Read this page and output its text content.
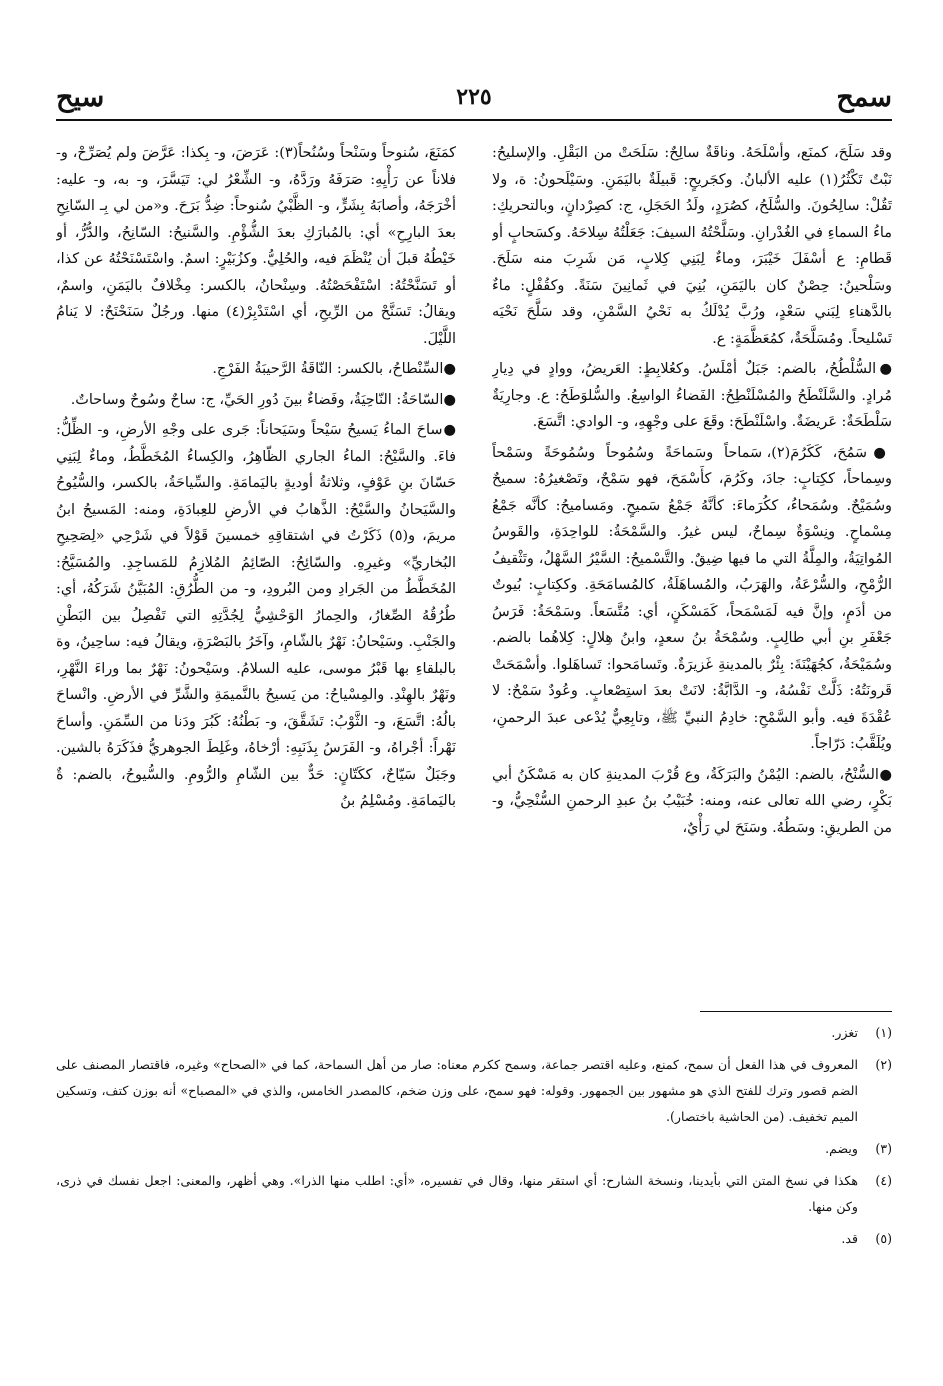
سمح
٢٢٥
سيح

وقد سَلَحَ، كمنَع، وأسْلَحَهُ. وناقَةٌ سالِحٌ: سَلَحَتْ من البَقْلِ. والإسليحُ: نَبْتٌ تَكْثُرُ(١) عليه الألبانُ. وكجَريحٍ: قَبيلَةٌ باليَمَنِ. وسَيْلَحونُ: ة، ولا تَقُلْ: سالِحُونَ. والسُّلَحُ، كصُرَدٍ، ولَدُ الحَجَلِ، ج: كصِرْدانٍ، وبالتحريكِ: ماءُ السماءِ في الغُدْرانِ. وسَلَّحْتُهُ السيفَ: جَعَلْتُهُ سِلاحَهُ. وكسَحابٍ أو قَطامِ: ع أسْفَلَ خَيْبَرَ، وماءٌ لِبَنِي كِلابٍ، مَن شَرِبَ منه سَلَحَ. وسَلْحينُ: حِصْنٌ كان باليَمَنِ، بُنِيَ في ثَمانِينَ سَنَةً. وكقُفْلٍ: ماءٌ بالدَّهناءِ لِبَني سَعْدٍ، ورُبَّ يُدْلَكُ به نَحْيُ السَّمْنِ، وقد سَلَّحَ نَحْيَه تَسْليحاً. ومُسَلَّحَةٌ، كمُعَظَّمَةٍ: ع.

●السُّلْطُحُ، بالضم: جَبَلٌ أمْلَسُ. وكعُلابِطٍ: العَريضُ، ووادٍ في دِيارِ مُرادٍ. والسَّلَنْطَحُ والمُسْلَنْطِحُ: الفَضاءُ الواسِعُ. والسُّلوَطَحُ: ع. وجارِيَةٌ سَلْطَحَةٌ: عَريضَةٌ. واسْلَنْطَحَ: وقَعَ على وجْهِهِ، و- الوادي: اتَّسَعَ.

●سَمُحَ، كَكَرُمَ(٢)، سَماحاً وسَماحَةً وسُمُوحاً وسُمُوحَةً وسَمْحاً وسِماحاً، ككِتابٍ: جادَ، وكَرُمَ، كأَسْمَحَ، فهو سَمْحٌ، وتَصْغيرُهُ: سميحٌ وسُمَيْحٌ. وسُمَحاءُ، ككُرَماءَ: كأنَّهُ جَمْعُ سَميحٍ. ومَساميحُ: كأنَّه جَمْعُ مِسْماحٍ. ونِسْوَةٌ سِماحٌ، ليس غيرُ. والسَّمْحَةُ: للواحِدَةِ، والقَوسُ المُواتِيَةُ، والمِلَّةُ التي ما فيها ضِيقٌ. والتَّسْميحُ: السَّيْرُ السَّهْلُ، وتَثْقيفُ الرُّمْحِ، والسُّرْعَةُ، والهَرَبُ، والمُساهَلَةُ، كالمُسامَحَةِ. وككِتابٍ: بُيوتٌ من أدَمٍ، وإنَّ فيه لَمَسْمَحاً، كَمَسْكَنٍ، أي: مُتَّسَعاً. وسَمْحَةُ: فَرَسُ جَعْفَرِ بنِ أبي طالِبٍ. وسُمْحَةُ بنُ سعدٍ، وابنُ هِلالٍ: كِلاهُما بالضم. وسُمَيْحَةُ، كجُهَيْنَةَ: بِئْرٌ بالمدينةِ غَزيرَةٌ. وتَسامَحوا: تَساهَلوا. وأسْمَحَتْ قَرونَتُهُ: ذَلَّتْ نَفْسُهُ، و- الدَّابَّةُ: لانَتْ بعدَ استِصْعابٍ. وعُودٌ سَمْحٌ: لا عُقْدَةَ فيه. وأبو السَّمْحِ: خادِمُ النبيِّ ﷺ، وتابِعِيٌّ يُدْعى عبدَ الرحمنِ، ويُلَقَّبُ: دَرّاجاً.

●السُّنْحُ، بالضم: اليُمْنُ والبَرَكَةُ، وع قُرْبَ المدينةِ كان به مَسْكَنُ أبي بَكْرٍ، رضي الله تعالى عنه، ومنه: خُبَيْبُ بنُ عبدِ الرحمنِ السُّنْحِيُّ، و- من الطريقِ: وسَطُهُ. وسَنَحَ لي رَأْيٌ،

كمَنَعَ، سُنوحاً وسَنْحاً وسُنُحاً(٣): عَرَضَ، و- بِكذا: عَرَّضَ ولم يُصَرِّحْ، و- فلاناً عن رَأْيِهِ: صَرَفَهُ ورَدَّهُ، و- الشِّعْرُ لي: تَيَسَّرَ، و- به، و- عليه: أخْرَجَهُ، وأصابَهُ بِشَرٍّ، و- الظَّبْيُ سُنوحاً: ضِدُّ بَرَحَ. و«من لي بِـ السّانِحِ بعدَ البارِحِ» أي: بالمُبارَكِ بعدَ الشُّؤْمِ. والسَّنيحُ: السّانِحُ، والدُّرُّ، أو خَيْطُهُ قبلَ أن يُنْظَمَ فيه، والحُلِيُّ. وكزُبَيْرٍ: اسمٌ. واسْتَسْنَحْتُهُ عن كذا، أو تَسَنَّحْتُهُ: اسْتَفْحَصْتُهُ. وسِنْحانُ، بالكسر: مِخْلافٌ باليَمَنِ، واسمٌ، ويقالُ: تَسَنَّحْ من الرِّيحِ، أي اسْتَدْبِرْ(٤) منها. ورجُلٌ سَنَحْنَحٌ: لا يَنامُ اللَّيْلَ.

●السِّنْطاحُ، بالكسر: النّاقَةُ الرَّحيبَةُ الفَرْجِ.

●السّاحَةُ: النّاحِيَةُ، وفَضاءٌ بينَ دُورِ الحَيِّ، ج: ساحٌ وسُوحٌ وساحاتٌ.

●ساحَ الماءُ يَسيحُ سَيْحاً وسَيَحاناً: جَرى على وجْهِ الأرضِ، و- الظِّلُّ: فاءَ. والسَّيْحُ: الماءُ الجاري الظّاهِرُ، والكِساءُ المُخَطَّطُ، وماءٌ لِبَنِي حَسّانَ بنِ عَوْفٍ، وثلاثةُ أوديةٍ باليَمامَةِ. والسِّياحَةُ، بالكسر، والسُّيُوحُ والسَّيَحانُ والسَّيْحُ: الذَّهابُ في الأرضِ للعِبادَةِ، ومنه: المَسيحُ ابنُ مريمَ، و(٥) ذَكَرْتُ في اشتقاقِهِ خمسينَ قَوْلاً في شَرْحِي «لِصَحِيحِ البُخاريِّ» وغيرِهِ. والسّائِحُ: الصّائِمُ المُلازِمُ للمَساجِدِ. والمُسَيَّحُ: المُخَطَّطُ من الجَرادِ ومن البُرودِ، و- من الطُّرُقِ: المُبَيَّنُ شَرَكُهُ، أي: طُرُقُهُ الصِّغارُ، والحِمارُ الوَحْشِيُّ لِجُدَّتِهِ التي تَفْصِلُ بين البَطْنِ والجَنْبِ. وسَيْحانُ: نَهْرٌ بالشّامِ، وآخَرُ بالبَصْرَةِ، ويقالُ فيه: ساحِينُ، وة بالبلقاءِ بها قَبْرُ موسى، عليه السلامُ. وسَيْحونُ: نَهْرٌ بما وراءَ النَّهْرِ، ونَهْرٌ بالهِنْدِ. والمِسْياحُ: من يَسيحُ بالنَّميمَةِ والشَّرِّ في الأرضِ. وانْساحَ بالُهُ: اتَّسَعَ، و- الثَّوْبُ: تَشَقَّقَ، و- بَطْنُهُ: كَبُرَ ودَنا من السِّمَنِ. وأساحَ نَهْراً: أجْراهُ، و- الفَرَسُ بِذَنَبِهِ: أرْخاهُ، وغَلِطَ الجوهريُّ فذَكَرَهُ بالشين. وجَبَلٌ سَيّاحٌ، ككَتّانٍ: حَدٌّ بين الشّامِ والرُّومِ. والسُّيوحُ، بالضم: ةٌ باليَمامَةِ. ومُسْلِمُ بنُ

(١)
تغزر.
(٢)
المعروف في هذا الفعل أن سمح، كمنع، وعليه اقتصر جماعة، وسمح ككرم معناه: صار من أهل السماحة، كما في «الصحاح» وغيره، فاقتصار المصنف على الضم قصور وترك للفتح الذي هو مشهور بين الجمهور. وقوله: فهو سمح، على وزن ضخم، كالمصدر الخامس، والذي في «المصباح» أنه بوزن كتف، وتسكين الميم تخفيف. (من الحاشية باختصار).
(٣)
ويضم.
(٤)
هكذا في نسخ المتن التي بأيدينا، ونسخة الشارح: أي استقر منها، وقال في تفسيره، «أي: اطلب منها الذرا». وهي أظهر، والمعنى: اجعل نفسك في ذرى، وكن منها.
(٥)
قد.
